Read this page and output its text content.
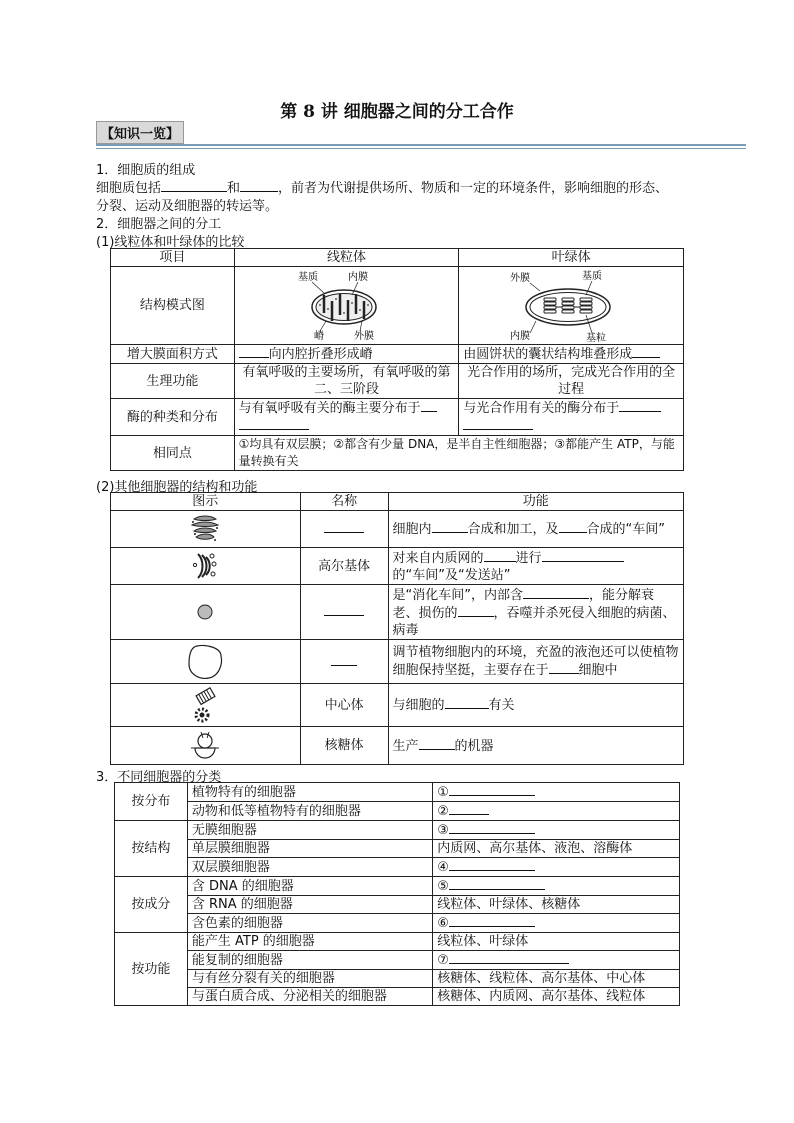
第 8 讲 细胞器之间的分工合作
【知识一览】
1．细胞质的组成
细胞质包括	和	，前者为代谢提供场所、物质和一定的环境条件，影响细胞的形态、
分裂、运动及细胞器的转运等。
2．细胞器之间的分工
(1)线粒体和叶绿体的比较
项目	线粒体	叶绿体
结构模式图	基质 内膜
嵴 外膜	外膜 基质
内膜 基粒

增大膜面积方式	向内腔折叠形成嵴	由圆饼状的囊状结构堆叠形成
生理功能	有氧呼吸的主要场所，有氧呼吸的第二、三阶段	光合作用的场所，完成光合作用的全过程
酶的种类和分布	与有氧呼吸有关的酶主要分布于	与光合作用有关的酶分布于

相同点	①均具有双层膜；②都含有少量 DNA，是半自主性细胞器；③都能产生 ATP，与能量转换有关	
(2)其他细胞器的结构和功能
图示	名称	功能

		细胞内 合成和加工，及 合成的“车间”

	高尔基体	对来自内质网的 进行
的“车间”及“发送站”

		是“消化车间”，内部含 ，能分解衰老、损伤的 ，吞噬并杀死侵入细胞的病菌、病毒

		调节植物细胞内的环境，充盈的液泡还可以使植物细胞保持坚挺，主要存在于 细胞中

	中心体	与细胞的 有关

	核糖体	生产 的机器
3．不同细胞器的分类
按分布	植物特有的细胞器	①
	动物和低等植物特有的细胞器	②
按结构	无膜细胞器	③
	单层膜细胞器	内质网、高尔基体、液泡、溶酶体
	双层膜细胞器	④
按成分	含 DNA 的细胞器	⑤
	含 RNA 的细胞器	线粒体、叶绿体、核糖体
	含色素的细胞器	⑥
按功能	能产生 ATP 的细胞器	线粒体、叶绿体
	能复制的细胞器	⑦
	与有丝分裂有关的细胞器	核糖体、线粒体、高尔基体、中心体
	与蛋白质合成、分泌相关的细胞器	核糖体、内质网、高尔基体、线粒体
